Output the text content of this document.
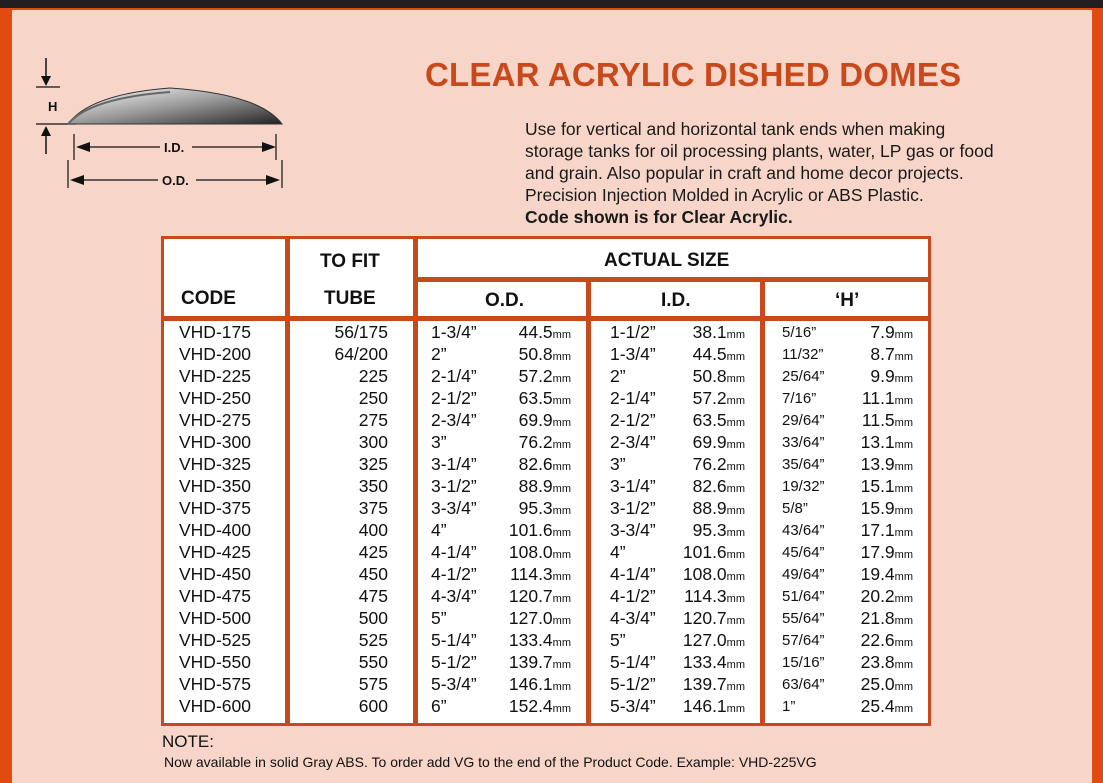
H
I.D.
O.D.
CLEAR ACRYLIC DISHED DOMES
Use for vertical and horizontal tank ends when making
storage tanks for oil processing plants, water, LP gas or food
and grain. Also popular in craft and home decor projects.
Precision Injection Molded in Acrylic or ABS Plastic.
Code shown is for Clear Acrylic.
CODE
TO FIT
TUBE
ACTUAL SIZE
O.D.	I.D.	‘H’
VHD-175	56/175 1-3/4” 44.5mm 1-1/2” 38.1mm 5/16”	7.9mm
VHD-200	64/200 2”	50.8mm 1-3/4” 44.5mm 11/32”	8.7mm
VHD-225	225 2-1/4” 57.2mm 2”	50.8mm 25/64”	9.9mm
VHD-250	250 2-1/2” 63.5mm 2-1/4” 57.2mm 7/16”	11.1mm
VHD-275	275 2-3/4” 69.9mm 2-1/2” 63.5mm 29/64” 11.5mm
VHD-300	300 3”	76.2mm 2-3/4” 69.9mm 33/64” 13.1mm
VHD-325	325 3-1/4” 82.6mm 3”	76.2mm 35/64” 13.9mm
VHD-350	350 3-1/2” 88.9mm 3-1/4” 82.6mm 19/32” 15.1mm
VHD-375	375 3-3/4” 95.3mm 3-1/2” 88.9mm 5/8”	15.9mm
VHD-400	400 4”	101.6mm 3-3/4” 95.3mm 43/64” 17.1mm
VHD-425	425 4-1/4” 108.0mm 4”	101.6mm 45/64” 17.9mm
VHD-450	450 4-1/2” 114.3mm 4-1/4” 108.0mm 49/64” 19.4mm
VHD-475	475 4-3/4” 120.7mm 4-1/2” 114.3mm 51/64” 20.2mm
VHD-500	500 5”	127.0mm 4-3/4” 120.7mm 55/64” 21.8mm
VHD-525	525 5-1/4” 133.4mm 5”	127.0mm 57/64” 22.6mm
VHD-550	550 5-1/2” 139.7mm 5-1/4” 133.4mm 15/16” 23.8mm
VHD-575	575 5-3/4” 146.1mm 5-1/2” 139.7mm 63/64” 25.0mm
VHD-600	600 6”	152.4mm 5-3/4” 146.1mm 1”	25.4mm
NOTE:
Now available in solid Gray ABS. To order add VG to the end of the Product Code. Example: VHD-225VG
